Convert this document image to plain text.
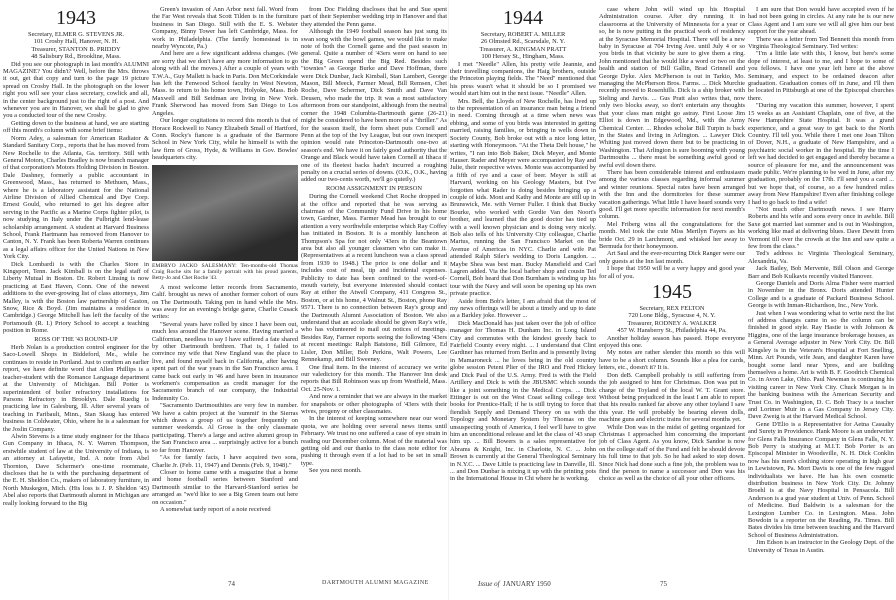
1943

Secretary, ELMER G. STEVENS JR.

101 Crosby Hall, Hanover, N. H.

Treasurer, STANTON B. PRIDDY

48 Salisbury Rd., Brookline, Mass.

Did you see our photograph in last month's ALUMNI MAGAZINE? You didn't? Well, before the Mrs. throws it out, get that copy and turn to the page 19 picture spread on Crosby Hall. In the photograph on the lower right you will see your class secretary, cowlick and all, in the center background just to the right of a post. And whenever you are in Hanover, we shall be glad to give you a conducted tour of the new Crosby.

Getting down to the business at hand, we are starting off this month's column with some brief items:

Norm Adey, a salesman for American Radiator & Standard Sanitary Corp., reports that he has moved from New Rochelle to the Atlanta, Ga. territory. Still with General Motors, Charles Bradley is now branch manager of that corporation's Motors Holding Division in Boston. Dale Dashney, formerly a public accountant in Greenwood, Mass., has returned to Methuen, Mass., where he is a laboratory assistant for the National Airline Division of Allied Chemical and Dye Corp. Ernest Gould, who returned to get his degree after serving in the Pacific as a Marine Corps fighter pilot, is now studying in Italy under the Fulbright lend-lease scholarship arrangement. A student at Harvard Business School, Frank Hartmann has removed from Hanover to Canton, N. Y. Frank has been Roberta Warren continues as a legal affairs officer for the United Nations in New York City.

Dick Lombardi is with the Charles Store in Kingsport, Tenn. Jack Kimball is on the legal staff of Liberty Mutual in Boston. Dr. Robert Linsing is now practicing at East Haven, Conn. One of the newest additions to the ever-growing list of class attorneys, Jim Malley, is with the Boston law partnership of Gaston, Snow, Rice & Boyd. (Jim maintains a residence in Cambridge.) George Mitchell has left the faculty of the Portsmouth (R. I.) Priory School to accept a teaching position in Rome.

ROSS OF THE '43 ROUND-UP

Herb Nolan is a production control engineer for the Saco-Lowell Shops in Biddeford, Me., while he continues to reside in Portland. Just to confirm an earlier report, we have definite word that Allen Phillips is a teacher-student with the Romance Language department at the University of Michigan. Bill Potter is superintendent of boiler refractory installations for Parsons Refractory in Brooklyn. Dale Ruedig is practicing law in Galesburg, Ill. After several years of teaching in Faribault, Minn., Stan Skaug has entered business in Coldwater, Ohio, where he is a salesman for the Joslin Company.

Alwin Stevens is a time study engineer for the Ithaca Gun Company in Ithaca, N. Y. Warren Thompson, erstwhile student of law at the University of Indiana, is an attorney at Lafayette, Ind. A note from Abel Thornton, Dave Schermer's one-time roommate, discloses that he is with the purchasing department of the E. H. Sheldon Co., makers of laboratory furniture, in North Muskegon, Mich. (His loss is J. P. Sheldon '45) Abel also reports that Dartmouth alumni in Michigan are really looking forward to the Big

Green's invasion of Ann Arbor next fall. Word from the Far West reveals that Scott Tilden is in the furniture business in San Diego. Still with the E. S. Webster Company, Binny Tower has left Cambridge, Mass. for work in Philadelphia. (The family homestead is in nearby Wyncote, Pa.)

And here are a few significant address changes. (We are sorry that we don't have any more information to go along with all the moves.) After a couple of years with T.W.A., Guy Mallett is back in Paris. Don McCorkindale has left the Fenwood School faculty in West Newton, Mass. to return to his home town, Holyoke, Mass. Bob Maxwell and Bill Seidman are living in New York. Frank Sherwood has moved from San Diego to Los Angeles.

Our longer cogitations to record this month is that of Horace Rockwell to Nancy Elizabeth Small of Hartford, Conn. Rocky's fiancee is a graduate of the Barmore School in New York City, while he himself is with the law firm of Gross, Hyde, & Williams in Gov. Bowles' headquarters city.

EMBRYO JACKO SALESMANY: Ten-months-old Thomas Craig Roche sits for a family portrait with his proud parents, Betty-Jo and Chet Roche '43.

A most welcome letter records from Sacramento, Calif. brought us news of another former cohort of ours on The Dartmouth. Taking pen in hand while the Mrs. was away for an evening's bridge game, Charlie Cusack writes:

"Several years have rolled by since I have been out, much less around the Hanover scene. Having married a Californian, needless to say I have suffered a fate shared by other Dartmouth brethren. That is, I failed to convince my wife that New England was the place to live, and found myself back in California, after having spent part of the war years in the San Francisco area. I came back out early in '46 and have been in insurance workmen's compensation as credit manager for the Sacramento branch of our company, the Industrial Indemnity Co.

"Sacramento Dartmouthites are very few in number. We have a cabin project at the 'summit' in the Sierras which draws a group of us together frequently on summer weekends. Al Grose is the only classmate participating. There's a large and active alumni group in the San Francisco area ... surprisingly active for a bunch so far from Hanover.

"As for family facts, I have acquired two sons, Charlie Jr. (Feb. 11, 1947) and Dennis (Feb. 9, 1948)."

Closer to home came with a magazine that a home and home football series between Stanford and Dartmouth similar to the Harvard-Stanford series be arranged as "we'd like to see a Big Green team out here on occasion."

A somewhat tardy report of a note received

from Doc Fielding discloses that he and Sue spent part of their September wedding trip in Hanover and that they attended the Penn game.

Although the 1949 football season has just sung its swan song with the bowl games, we would like to make note of both the Cornell game and the past season in general. Quite a number of '43ers were on hand to see the Big Green upend the Big Red. Besides such "townies" as George Burke and Dave Hoffman, there were Dick Dunbar, Jack Kimball, Stan Lambert, George Mason, Bill Meeck, Farmer Mead, Bill Remsen, Chet Roche, Dave Schermer, Dick Smith and Dave Van Deusen, who made the trip. It was a most satisfactory afternoon from our standpoint, although from the neutral corner the 1948 Columbia-Dartmouth game (26-21) might be considered to have been more of a "thriller." As for the season itself, the form sheet puts Cornell and Penn at the top of the Ivy League, but our own inexpert opinion would rate Princeton-Dartmouth one-two at season's end. We have it on fairly good authority that the Orange and Black would have taken Cornell at Ithaca if one of its fleetest backs hadn't incurred a roughing penalty on a crucial series of downs. (O.K., O.K., having added our two-cents worth, we'll go quietly.)

ROOM ASSIGNMENT IN PERSON

During the Cornell weekend Chet Roche dropped in at the office and reported that he was serving as chairman of the Community Fund Drive in his home town, Gardner, Mass. Farmer Mead has brought to our attention a very worthwhile enterprise which Ray Coffey has initiated in Boston. It is a monthly luncheon at Thompson's Spa for not only '43ers in the Beantown area but also all younger classmen who can make it. (Representatives at a recent luncheon was a class spread from 1939 to 1948.) The price is one dollar and it includes cost of meal, tip and incidental expenses. Publicity to date has been confined to the word-of-mouth variety, but everyone interested should contact Ray at either the Atwell Company, 411 Congress St., Boston, or at his home, 4 Walnut St., Boston, phone Ray 9571. There is no connection between Ray's group and the Dartmouth Alumni Association of Boston. We also understand that an accolade should be given Ray's wife, who has volunteered to mail out notices of meetings. Besides Ray, Farmer reports seeing the following '43ers at recent meetings: Ralph Batstone, Bill Gilmore, Ed Lisler, Don Miller, Bob Perkins, Walt Powers, Lee Rennekamp, and Bill Sweeney.

One final item. In the interest of accuracy we write our valedictory for this month. The Hanover Inn desk reports that Bill Robinson was up from Westfield, Mass. Oct. 25-Nov. 1.

And now a reminder that we are always in the market for snapshots or other photographs of '43ers with their wives, progeny or other classmates.

In the interest of keeping somewhere near our word quota, we are holding over several news items until February. We trust no one suffered a case of eye strain in reading our December column. Most of the material was getting old and our thanks to the class note editor for pushing it through even if a lot had to be set in small type.

See you next month.

1944

Secretary, ROBERT A. MILLER

26 Olmsted Rd., Scarsdale, N. Y.

Treasurer, A. KINGMAN PRATT

100 Hersey St., Hingham, Mass.

I met "Needle" Allen, his pretty wife Jeannie, and their travelling companions, the Haig brothers, outside the Princeton playing fields. The "Need" mentioned that his press wasn't what it should be so I promised we would start him out in the next issue. "Needle" Allen.

Mrs. Bell, the Lloyds of New Rochelle, has lived up to the representation of an insurance man being a friend in need. Coming through at a time when news was ebbing, and some of you birds was interested in getting married, raising families, or bringing in wells down in Society County, Bob broke out with a nice long letter, starting with Honeymoon. "At the Theta Delt house," he writes, "I ran into Bob Baker, Dick Meyer, and Monte Hauser. Rader and Meyer were accompanied by Ray and Julie, their respective wives. Monte was accompanied by a fifth of rye and a case of beer. Meyer is still at Harvard, working on his Geology Masters, but I've forgotten what Rader is doing besides bringing up a couple of kids. Mont and Kathy and Monte are still up in Brunswick, Me. with Verner Fuller. I think that Bucky Bourke, who worked with Gordie Van den Noort's brother, and learned that the good doctor has tied up with a well known physician and is doing very nicely. Bob also tells of his University City colleague, Charlie Martus, running the San Francisco Market on the Avenue of Americas in NYC. Charlie and wife Pat attended Ralph Siler's wedding to Doris Langdon. ... Maybe Shea was best man. Bucky Mansfield and Carl Lagren added. Via the local barber shop and cousin Ted Cornell, Bob heard that Don Burnham is winding up his tour with the Navy and will soon be opening up his own private practice.

Aside from Bob's letter, I am afraid that the most of my news offerings will be about a timely and up to date as a Barkley joke. However ...

Dick MacDonald has just taken over the job of office manager for Thomas H. Dunham Inc. in Long Island City and commutes with the kindest greedy back to Fairfield County every night. ... I understand that Clint Gardiner has returned from Berlin and is presently living in Mamaroneck ... he loves being in the old country globe session Peteni Plier of the IRO and Fred Hickey and Dick Paul of the U.S. Army. Fred is with the Field Artillery and Dick is with the JBUSMC which sounds like a joint something in the Medical Corps. ... Dick Ettinger is out on the West Coast selling college text books for Prentice-Hall; if he is still trying to force that fiendish Supply and Demand Theory on us with the Topology and Monetary System by Thomas on the unsuspecting youth of America, I feel we'll have to give him an unconditional release and let the class of '43 snap him up. ... Bill Bowers is a sales representative for Abrams & Knight, Inc. in Charlotte, N. C. ... John Brown is currently at the General Theological Seminary in N.Y.C. ... Dave Little is practicing law in Danville, Ill. ... and Don Dunbar is mixing it up with the printing pots in the International House in Chi where he is working.

case where John will wind up his Hospital Administration course. After dry running it in classrooms at the University of Minnesota for a year or so, he is now putting in the practical work of residency at the Syracuse Memorial Hospital. There will be a new baby in Syracuse at 704 Irving Ave. until July 4 or so you birds in that vicinity be sure to give them a ring. John mentioned that he would like a word or two on the health and station of Bill Gallin, Brad Grinnell and George Dyke. Alex McPherson is out in Tarkio, Mo. managing the McPherson Bros. Farms. ... Dick Murchie recently moved to Rosenhills. Dick is a ship broker with Sieling and Jarvis. ... Gus Pratt also writes that, now only two blocks away, so don't entertain any thoughts that your class man might go astray. First Loose Jim Elliot is down in Edgewood, Md., with the Army Chemical Center. ... Rhodes scholar Bill Turpin is back in the States and living in Arlington. ... Lawyer Dick Whiting just moved down there but to be practicing in Washington. That Arlington is sure booming with young Dartmouths ... there must be something awful good or awful evil down there.

There has been considerable interest and enthusiasm among the various classes regarding informal summer and winter reunions. Special rates have been arranged with the Inn and the dormitories for these summer vacation gatherings. What little I have heard sounds very good. I'll get more specific information for next month's column.

Mel Friberg wins all the congratulations for the month. Mel took the cute Miss Merilyn Fayers as his bride Oct. 29 in Larchmont, and whisked her away to Bermuda for their honeymoon.

Art Saul and the ever-recurring Dick Ranger were our only guests at the Inn last month.

I hope that 1950 will be a very happy and good year for all of you.

1945

Secretary, REX FELTON

720 Lone Bldg., Syracuse 4, N. Y.

Treasurer, RODNEY A. WALKER

457 W. Hansberry St., Philadelphia 44, Pa.

Another holiday season has passed. Hope everyone enjoyed this one.

My notes are rather slender this month so this will have to be a short column. Sounds like a plea for cards, letters, etc., doesn't it? It is.

Don deB. Campbell probably is still suffering from the job assigned to him for Christmas. Don was put in charge of the Toyland of the local W. T. Grant store. Without being prejudiced in the least I am able to report that his results ranked far above any other toyland I saw this year. He will probably be hearing eleven dolls, machine guns and electric trains for several months yet.

While Don was in the midst of getting organized for Christmas I approached him concerning the important job of Class Agent. As you know, Dick Sandoe is now on the college staff of the Fund and felt he should devote his full time to that job. So he had asked to step down. Since Nick had done such a fine job, the problem was to find the person to name a successor and Don was his choice as well as the choice of all your other officers.

I am sure that Don would have accepted even if he had not been going in circles. At any rate he is our new Class Agent and I am sure we will all give him our best support for the year ahead.

There was a letter from Ted Bennett this month from Virginia Theological Seminary. Ted writes:

"I'm a little late with this, I know, but here's some dope of interest, at least to me, and I hope to some of you fellows. I have one year left here at the above Seminary, and expect to be ordained deacon after graduation. Graduation comes off in June, and I'll then be located in Pittsburgh at one of the Episcopal churches there.

"During my vacation this summer, however, I spent 15 weeks as an Assistant Chaplain, one of five, at the New Hampshire State Hospital. It was a grand experience, and a great way to get back to the North Country. I'll tell you. While there I met one Joan Tilton of Dover, N.H., a graduate of New Hampshire, and a psychiatric social worker in the hospital. By the time I left we had decided to get engaged and thereby became a source of pleasure for me, and the announcement was made public. We're planning to be wed in June, after my graduation, probably on the 17th. I'll send you a card ... but we hope that, of course, so a few hundred miles away from New Hampshire! Even after finishing college I had to go back to find a wife!

"Not much other Dartmouth news. I see Harry Roberts and his wife and sons every once in awhile. Bill Saxe got married last summer and is out in Washington, working like mad at delivering blues. Dave Dewitt from Vermont till over the crowds at the Inn and saw quite a few from the class."

Ted's address is: Virginia Theological Seminary, Alexandria, Va.

Jack Bailey, Bob Mervenie, Bill Olson and George Barr and Bob Kulkavis recently visited Hanover.

George Daniels and Doris Alma Fisher were married in November in the Bronx. Doris attended Hunter College and is a graduate of Packard Business School. George is with Inman-Richardson, Inc., New York.

Just when I was wondering what to write next the list of address changes came in so the column can be finished in good style. Ray Hastie is with Johnson & Higgins, one of the large insurance brokerage houses, as a General Average adjuster in New York City. Dr. Bill Kingsley is in the Veteran's Hospital at Fort Snelling, Minn. Art Pounds, wife Jean, and daughter Karen have bought some land near Ypres, and are building themselves a home. Art is with B. F. Goodrich Chemical Co. in Avon Lake, Ohio. Paul Newman is continuing his visiting career in New York City. Chuck Morgan is in the banking business with the American Security and Trust Co. in Washington, D. C. Bob Tracy is a teacher and Lorimer Muir in a Gas Company in Jersey City. Dave Zweig is at the Harvard Medical School.

Gene D'Elio is a Representative for Aetna Casualty and Surety in Providence. Hank Moore is an underwriter for Glens Falls Insurance Company in Glens Falls, N. Y. Bob Perry is studying at M.I.T. Bob Porter is an Episcopal Minister in Woodsville, N. H. Dick Conklin now has his men's clothing store operating in high gear in Lewistown, Pa. Mort Davis is one of the few rugged individualists we have. He has his own cosmetic distribution business in New York City. Dr. Johnny Broehl is at the Navy Hospital in Pensacola. Bill Anderson is a grad year student at Univ. of Penn. School of Medicine. Bud Baldwin is a salesman for the Lexington Lumber Co. in Lexington. Mass. John Bowdoin is a reporter on the Reading, Pa. Times. Bill Bates divides his time between teaching and the Harvard School of Business Administration.

Jim Edson is an instructor in the Geology Dept. of the University of Texas in Austin.

74	DARTMOUTH ALUMNI MAGAZINE	Issue of JANUARY 1950	75
